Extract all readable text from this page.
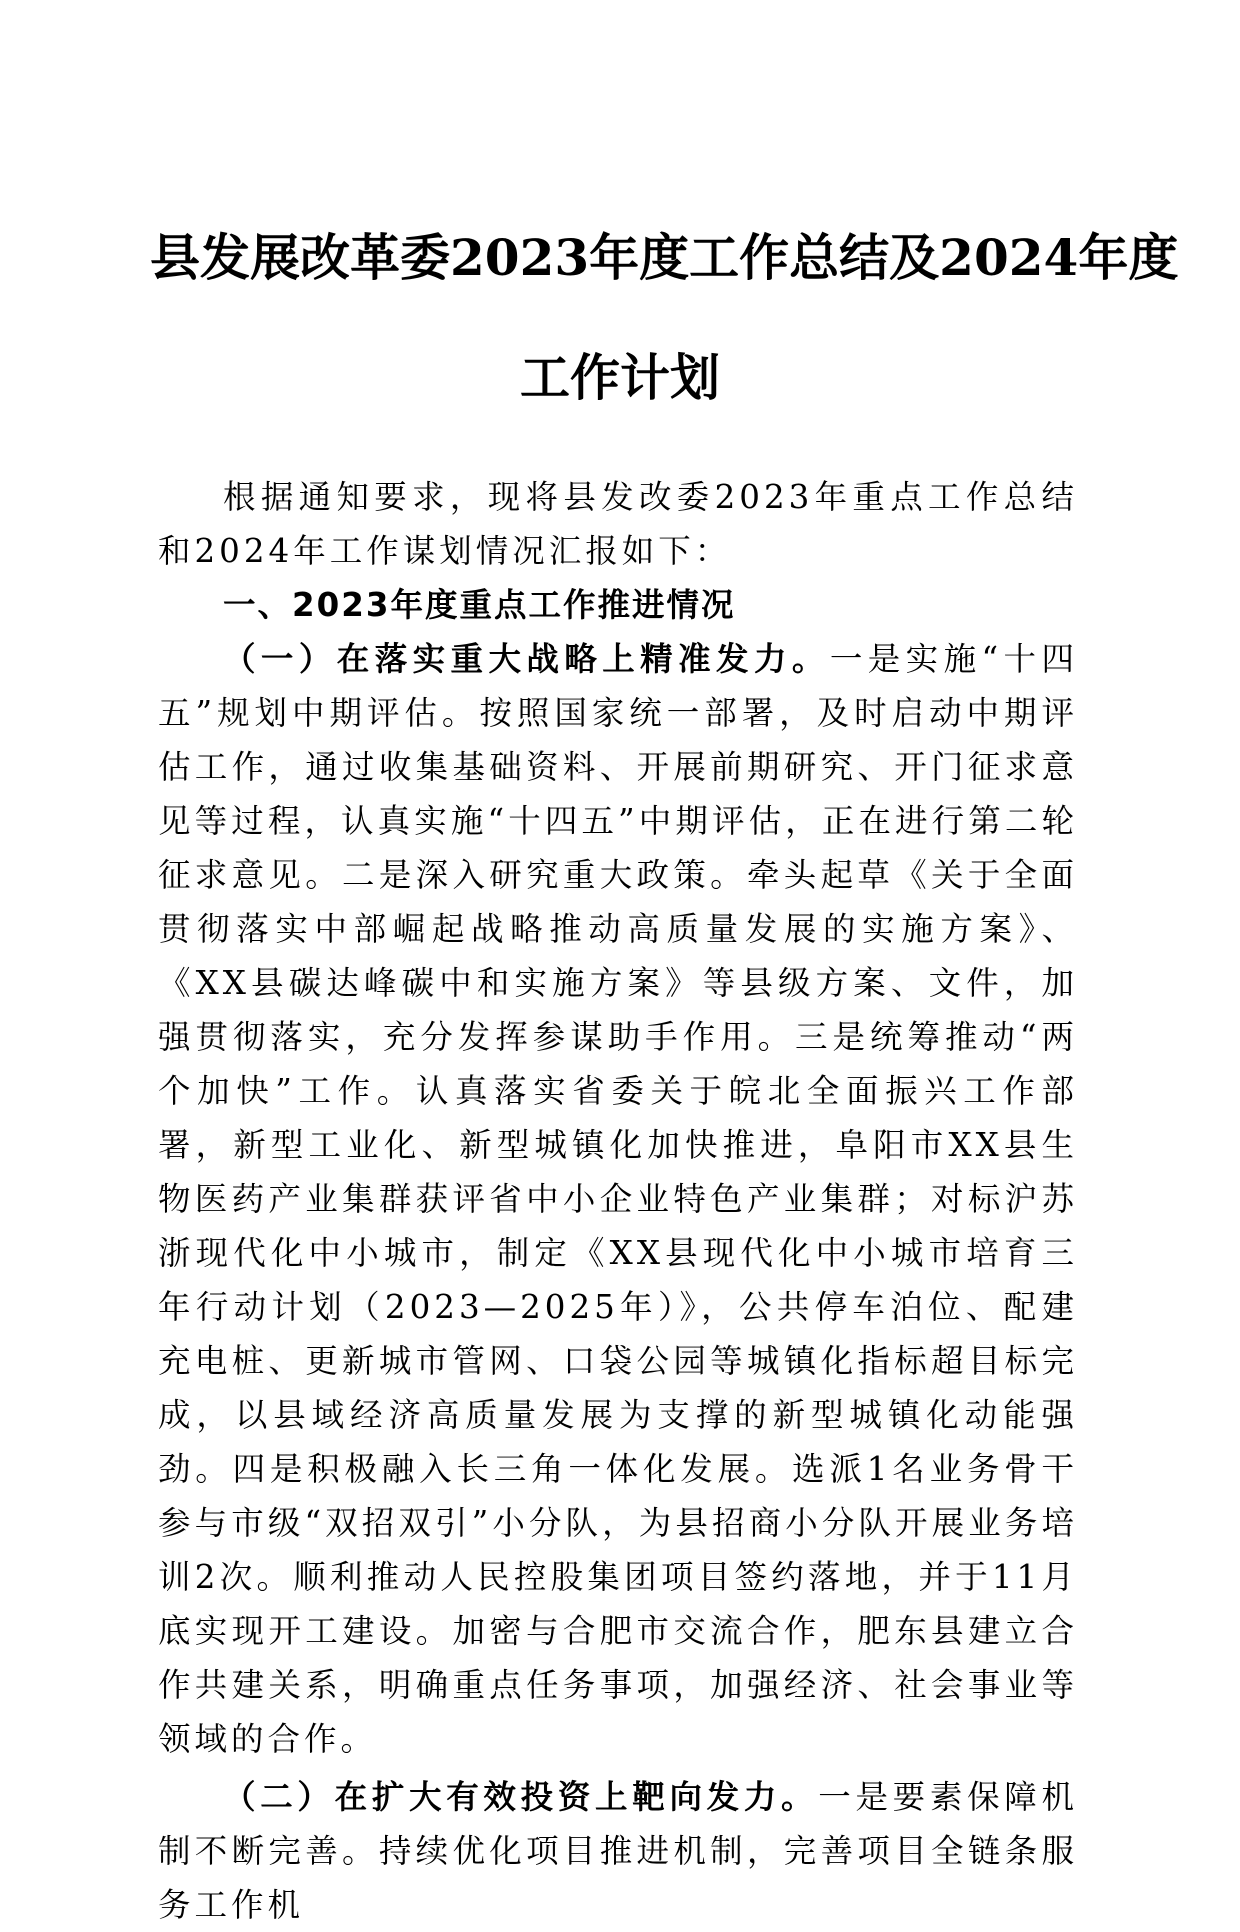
县发展改革委2023年度工作总结及2024年度
工作计划

根据通知要求，现将县发改委2023年重点工作总结和2024年工作谋划情况汇报如下：

一、2023年度重点工作推进情况

（一）在落实重大战略上精准发力。一是实施“十四五”规划中期评估。按照国家统一部署，及时启动中期评估工作，通过收集基础资料、开展前期研究、开门征求意见等过程，认真实施“十四五”中期评估，正在进行第二轮征求意见。二是深入研究重大政策。牵头起草《关于全面贯彻落实中部崛起战略推动高质量发展的实施方案》、《XX县碳达峰碳中和实施方案》等县级方案、文件，加强贯彻落实，充分发挥参谋助手作用。三是统筹推动“两个加快”工作。认真落实省委关于皖北全面振兴工作部署，新型工业化、新型城镇化加快推进，阜阳市XX县生物医药产业集群获评省中小企业特色产业集群；对标沪苏浙现代化中小城市，制定《XX县现代化中小城市培育三年行动计划（2023—2025年）》，公共停车泊位、配建充电桩、更新城市管网、口袋公园等城镇化指标超目标完成，以县域经济高质量发展为支撑的新型城镇化动能强劲。四是积极融入长三角一体化发展。选派1名业务骨干参与市级“双招双引”小分队，为县招商小分队开展业务培训2次。顺利推动人民控股集团项目签约落地，并于11月底实现开工建设。加密与合肥市交流合作，肥东县建立合作共建关系，明确重点任务事项，加强经济、社会事业等领域的合作。

（二）在扩大有效投资上靶向发力。一是要素保障机制不断完善。持续优化项目推进机制，完善项目全链条服务工作机
